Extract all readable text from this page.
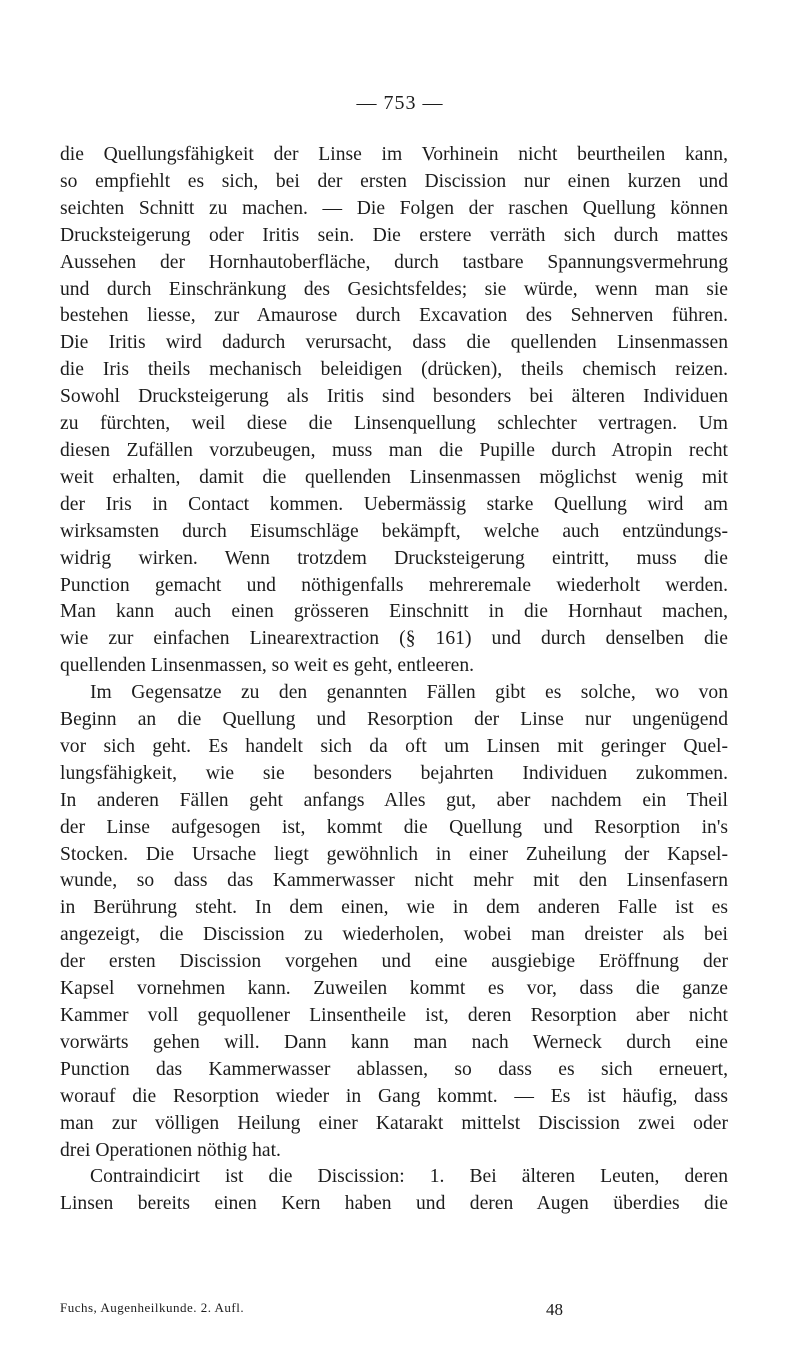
— 753 —
die Quellungsfähigkeit der Linse im Vorhinein nicht beurtheilen kann,
so empfiehlt es sich, bei der ersten Discission nur einen kurzen und
seichten Schnitt zu machen. — Die Folgen der raschen Quellung können
Drucksteigerung oder Iritis sein. Die erstere verräth sich durch mattes
Aussehen der Hornhautoberfläche, durch tastbare Spannungsvermehrung
und durch Einschränkung des Gesichtsfeldes; sie würde, wenn man sie
bestehen liesse, zur Amaurose durch Excavation des Sehnerven führen.
Die Iritis wird dadurch verursacht, dass die quellenden Linsenmassen
die Iris theils mechanisch beleidigen (drücken), theils chemisch reizen.
Sowohl Drucksteigerung als Iritis sind besonders bei älteren Individuen
zu fürchten, weil diese die Linsenquellung schlechter vertragen. Um
diesen Zufällen vorzubeugen, muss man die Pupille durch Atropin recht
weit erhalten, damit die quellenden Linsenmassen möglichst wenig mit
der Iris in Contact kommen. Uebermässig starke Quellung wird am
wirksamsten durch Eisumschläge bekämpft, welche auch entzündungs-
widrig wirken. Wenn trotzdem Drucksteigerung eintritt, muss die
Punction gemacht und nöthigenfalls mehreremale wiederholt werden.
Man kann auch einen grösseren Einschnitt in die Hornhaut machen,
wie zur einfachen Linearextraction (§ 161) und durch denselben die
quellenden Linsenmassen, so weit es geht, entleeren.
Im Gegensatze zu den genannten Fällen gibt es solche, wo von
Beginn an die Quellung und Resorption der Linse nur ungenügend
vor sich geht. Es handelt sich da oft um Linsen mit geringer Quel-
lungsfähigkeit, wie sie besonders bejahrten Individuen zukommen.
In anderen Fällen geht anfangs Alles gut, aber nachdem ein Theil
der Linse aufgesogen ist, kommt die Quellung und Resorption in's
Stocken. Die Ursache liegt gewöhnlich in einer Zuheilung der Kapsel-
wunde, so dass das Kammerwasser nicht mehr mit den Linsenfasern
in Berührung steht. In dem einen, wie in dem anderen Falle ist es
angezeigt, die Discission zu wiederholen, wobei man dreister als bei
der ersten Discission vorgehen und eine ausgiebige Eröffnung der
Kapsel vornehmen kann. Zuweilen kommt es vor, dass die ganze
Kammer voll gequollener Linsentheile ist, deren Resorption aber nicht
vorwärts gehen will. Dann kann man nach Werneck durch eine
Punction das Kammerwasser ablassen, so dass es sich erneuert,
worauf die Resorption wieder in Gang kommt. — Es ist häufig, dass
man zur völligen Heilung einer Katarakt mittelst Discission zwei oder
drei Operationen nöthig hat.
Contraindicirt ist die Discission: 1. Bei älteren Leuten, deren
Linsen bereits einen Kern haben und deren Augen überdies die
Fuchs, Augenheilkunde. 2. Aufl.	48
